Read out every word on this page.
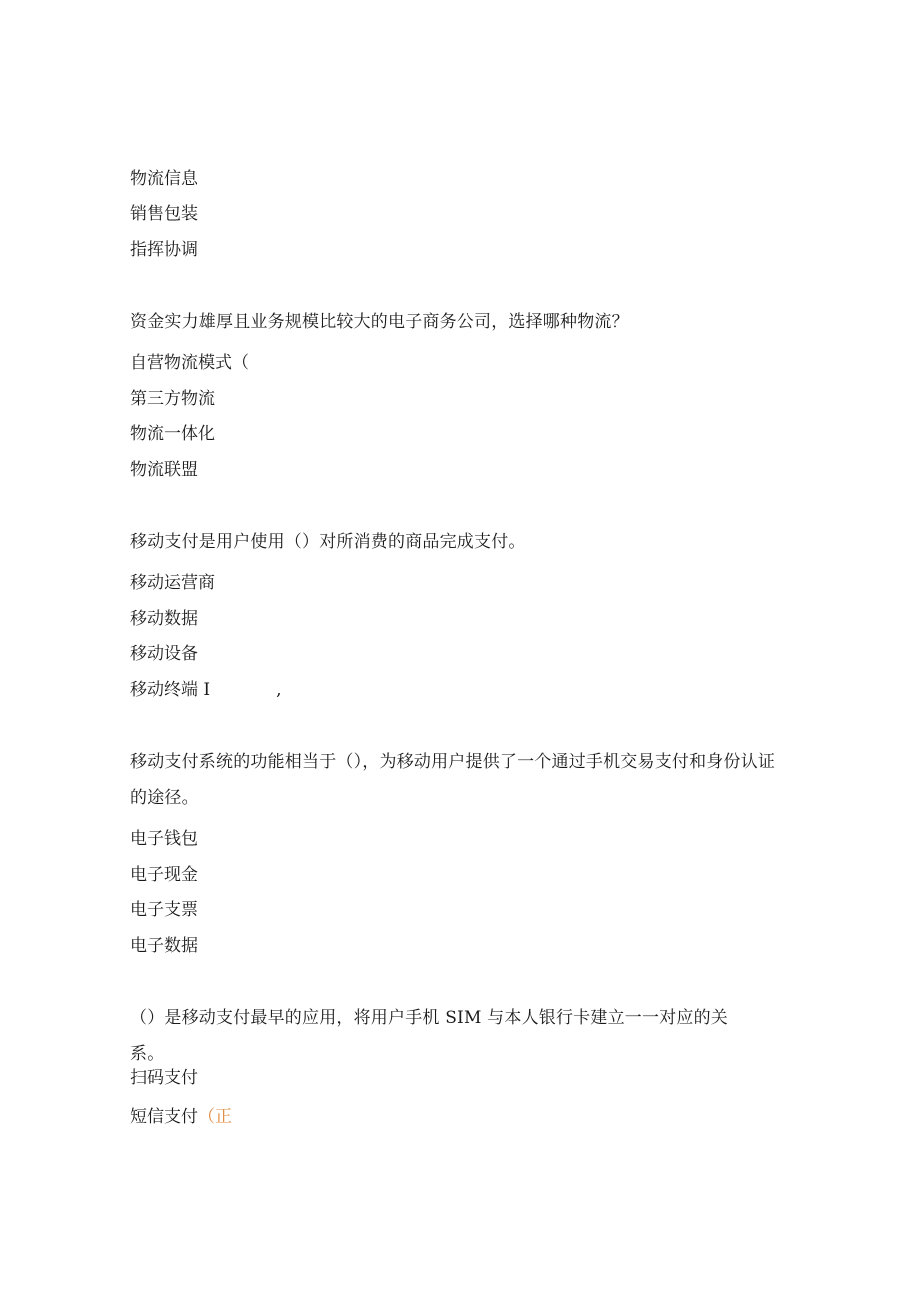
物流信息
销售包装
指挥协调
资金实力雄厚且业务规模比较大的电子商务公司，选择哪种物流？
自营物流模式（
第三方物流
物流一体化
物流联盟
移动支付是用户使用（）对所消费的商品完成支付。
移动运营商
移动数据
移动设备
移动终端 I	,
移动支付系统的功能相当于（），为移动用户提供了一个通过手机交易支付和身份认证
的途径。
电子钱包
电子现金
电子支票
电子数据
（）是移动支付最早的应用，将用户手机 SIM 与本人银行卡建立一一对应的关
系。
扫码支付
短信支付（正
